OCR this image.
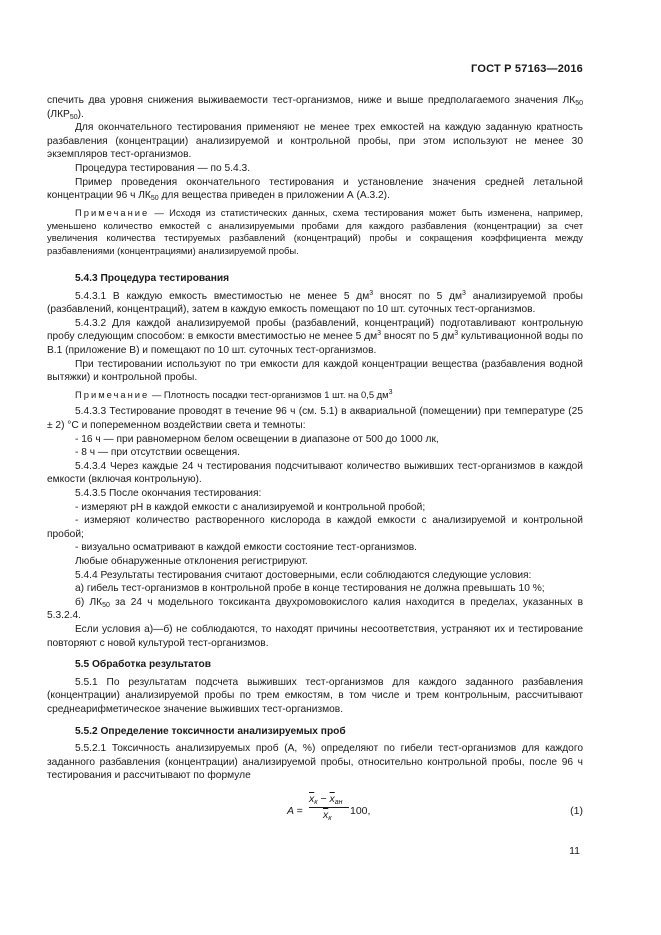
ГОСТ Р 57163—2016

спечить два уровня снижения выживаемости тест-организмов, ниже и выше предполагаемого значения $ЛК_{50}$ $(ЛКР_{50})$.

Для окончательного тестирования применяют не менее трех емкостей на каждую заданную кратность разбавления (концентрации) анализируемой и контрольной пробы, при этом используют не менее 30 экземпляров тест-организмов.

Процедура тестирования — по 5.4.3.

Пример проведения окончательного тестирования и установление значения средней летальной концентрации 96 ч $ЛК_{50}$ для вещества приведен в приложении А (А.3.2).

Примечание — Исходя из статистических данных, схема тестирования может быть изменена, например, уменьшено количество емкостей с анализируемыми пробами для каждого разбавления (концентрации) за счет увеличения количества тестируемых разбавлений (концентраций) пробы и сокращения коэффициента между разбавлениями (концентрациями) анализируемой пробы.

5.4.3 Процедура тестирования

5.4.3.1 В каждую емкость вместимостью не менее 5 $дм^3$ вносят по 5 $дм^3$ анализируемой пробы (разбавлений, концентраций), затем в каждую емкость помещают по 10 шт. суточных тест-организмов.

5.4.3.2 Для каждой анализируемой пробы (разбавлений, концентраций) подготавливают контрольную пробу следующим способом: в емкости вместимостью не менее 5 $дм^3$ вносят по 5 $дм^3$ культивационной воды по В.1 (приложение В) и помещают по 10 шт. суточных тест-организмов.

При тестировании используют по три емкости для каждой концентрации вещества (разбавления водной вытяжки) и контрольной пробы.

Примечание — Плотность посадки тест-организмов 1 шт. на 0,5 $дм^3$

5.4.3.3 Тестирование проводят в течение 96 ч (см. 5.1) в аквариальной (помещении) при температуре (25 ± 2) °С и попеременном воздействии света и темноты:

- 16 ч — при равномерном белом освещении в диапазоне от 500 до 1000 лк,

- 8 ч — при отсутствии освещения.

5.4.3.4 Через каждые 24 ч тестирования подсчитывают количество выживших тест-организмов в каждой емкости (включая контрольную).

5.4.3.5 После окончания тестирования:

- измеряют рН в каждой емкости с анализируемой и контрольной пробой;

- измеряют количество растворенного кислорода в каждой емкости с анализируемой и контрольной пробой;

- визуально осматривают в каждой емкости состояние тест-организмов.

Любые обнаруженные отклонения регистрируют.

5.4.4 Результаты тестирования считают достоверными, если соблюдаются следующие условия:

а) гибель тест-организмов в контрольной пробе в конце тестирования не должна превышать 10 %;

б) $ЛК_{50}$ за 24 ч модельного токсиканта двухромовокислого калия находится в пределах, указанных в 5.3.2.4.

Если условия а)—б) не соблюдаются, то находят причины несоответствия, устраняют их и тестирование повторяют с новой культурой тест-организмов.

5.5 Обработка результатов

5.5.1 По результатам подсчета выживших тест-организмов для каждого заданного разбавления (концентрации) анализируемой пробы по трем емкостям, в том числе и трем контрольным, рассчитывают среднеарифметическое значение выживших тест-организмов.

5.5.2 Определение токсичности анализируемых проб

5.5.2.1 Токсичность анализируемых проб (А, %) определяют по гибели тест-организмов для каждого заданного разбавления (концентрации) анализируемой пробы, относительно контрольной пробы, после 96 ч тестирования и рассчитывают по формуле

A =
$\overline{x}_к - \overline{x}_{ан}$
$\overline{x}_к$
100,	(1)
11
